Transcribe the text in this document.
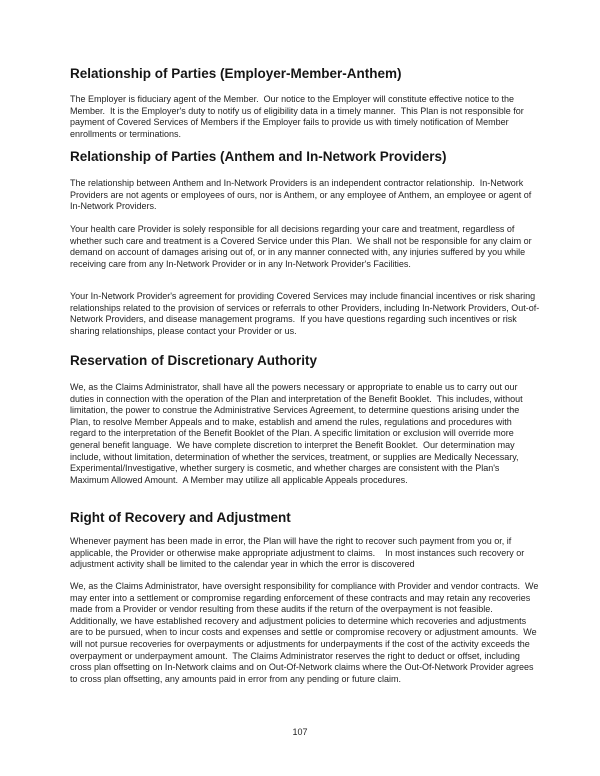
Relationship of Parties (Employer-Member-Anthem)

The Employer is fiduciary agent of the Member.  Our notice to the Employer will constitute effective notice to the Member.  It is the Employer's duty to notify us of eligibility data in a timely manner.  This Plan is not responsible for payment of Covered Services of Members if the Employer fails to provide us with timely notification of Member enrollments or terminations.

Relationship of Parties (Anthem and In-Network Providers)

The relationship between Anthem and In-Network Providers is an independent contractor relationship.  In-Network Providers are not agents or employees of ours, nor is Anthem, or any employee of Anthem, an employee or agent of In-Network Providers.

Your health care Provider is solely responsible for all decisions regarding your care and treatment, regardless of whether such care and treatment is a Covered Service under this Plan.  We shall not be responsible for any claim or demand on account of damages arising out of, or in any manner connected with, any injuries suffered by you while receiving care from any In-Network Provider or in any In-Network Provider's Facilities.

Your In-Network Provider's agreement for providing Covered Services may include financial incentives or risk sharing relationships related to the provision of services or referrals to other Providers, including In-Network Providers, Out-of-Network Providers, and disease management programs.  If you have questions regarding such incentives or risk sharing relationships, please contact your Provider or us.

Reservation of Discretionary Authority

We, as the Claims Administrator, shall have all the powers necessary or appropriate to enable us to carry out our duties in connection with the operation of the Plan and interpretation of the Benefit Booklet.  This includes, without limitation, the power to construe the Administrative Services Agreement, to determine questions arising under the Plan, to resolve Member Appeals and to make, establish and amend the rules, regulations and procedures with regard to the interpretation of the Benefit Booklet of the Plan. A specific limitation or exclusion will override more general benefit language.  We have complete discretion to interpret the Benefit Booklet.  Our determination may include, without limitation, determination of whether the services, treatment, or supplies are Medically Necessary, Experimental/Investigative, whether surgery is cosmetic, and whether charges are consistent with the Plan's  Maximum Allowed Amount.  A Member may utilize all applicable Appeals procedures.

Right of Recovery and Adjustment

Whenever payment has been made in error, the Plan will have the right to recover such payment from you or, if applicable, the Provider or otherwise make appropriate adjustment to claims.    In most instances such recovery or adjustment activity shall be limited to the calendar year in which the error is discovered

We, as the Claims Administrator, have oversight responsibility for compliance with Provider and vendor contracts.  We may enter into a settlement or compromise regarding enforcement of these contracts and may retain any recoveries made from a Provider or vendor resulting from these audits if the return of the overpayment is not feasible.  Additionally, we have established recovery and adjustment policies to determine which recoveries and adjustments are to be pursued, when to incur costs and expenses and settle or compromise recovery or adjustment amounts.  We will not pursue recoveries for overpayments or adjustments for underpayments if the cost of the activity exceeds the overpayment or underpayment amount.  The Claims Administrator reserves the right to deduct or offset, including cross plan offsetting on In-Network claims and on Out-Of-Network claims where the Out-Of-Network Provider agrees to cross plan offsetting, any amounts paid in error from any pending or future claim.

107
